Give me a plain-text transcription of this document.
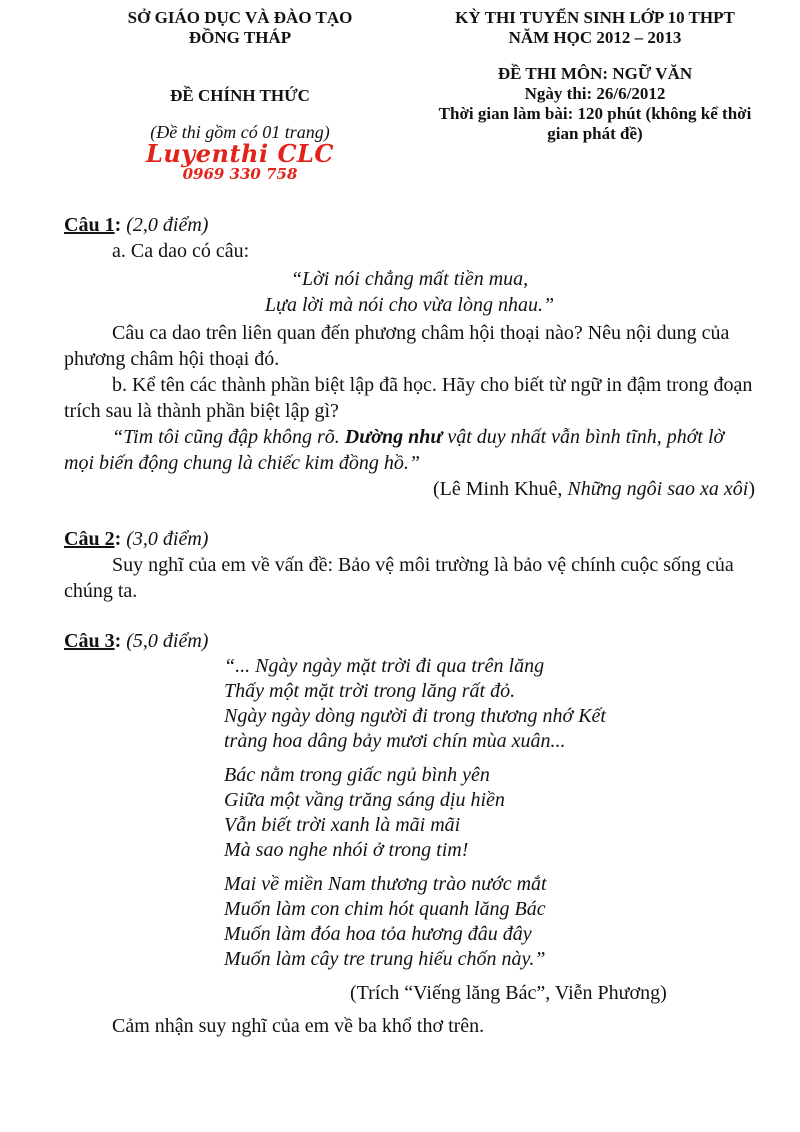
SỞ GIÁO DỤC VÀ ĐÀO TẠO
ĐỒNG THÁP
ĐỀ CHÍNH THỨC
(Đề thi gồm có 01 trang)
Luyenthi CLC
0969 330 758
KỲ THI TUYỂN SINH LỚP 10 THPT
NĂM HỌC 2012 – 2013
ĐỀ THI MÔN: NGỮ VĂN
Ngày thi: 26/6/2012
Thời gian làm bài: 120 phút (không kể thời gian phát đề)

Câu 1: (2,0 điểm)

a. Ca dao có câu:

“Lời nói chẳng mất tiền mua,
Lựa lời mà nói cho vừa lòng nhau.”

Câu ca dao trên liên quan đến phương châm hội thoại nào? Nêu nội dung của phương châm hội thoại đó.

b. Kể tên các thành phần biệt lập đã học. Hãy cho biết từ ngữ in đậm trong đoạn trích sau là thành phần biệt lập gì?

“Tim tôi cũng đập không rõ. Dường như vật duy nhất vẫn bình tĩnh, phớt lờ mọi biến động chung là chiếc kim đồng hồ.”

(Lê Minh Khuê, Những ngôi sao xa xôi)

Câu 2: (3,0 điểm)

Suy nghĩ của em về vấn đề: Bảo vệ môi trường là bảo vệ chính cuộc sống của chúng ta.

Câu 3: (5,0 điểm)

“... Ngày ngày mặt trời đi qua trên lăng
Thấy một mặt trời trong lăng rất đỏ.
Ngày ngày dòng người đi trong thương nhớ Kết
tràng hoa dâng bảy mươi chín mùa xuân...
Bác nằm trong giấc ngủ bình yên
Giữa một vầng trăng sáng dịu hiền
Vẫn biết trời xanh là mãi mãi
Mà sao nghe nhói ở trong tim!
Mai về miền Nam thương trào nước mắt
Muốn làm con chim hót quanh lăng Bác
Muốn làm đóa hoa tỏa hương đâu đây
Muốn làm cây tre trung hiếu chốn này.”

(Trích “Viếng lăng Bác”, Viễn Phương)

Cảm nhận suy nghĩ của em về ba khổ thơ trên.
